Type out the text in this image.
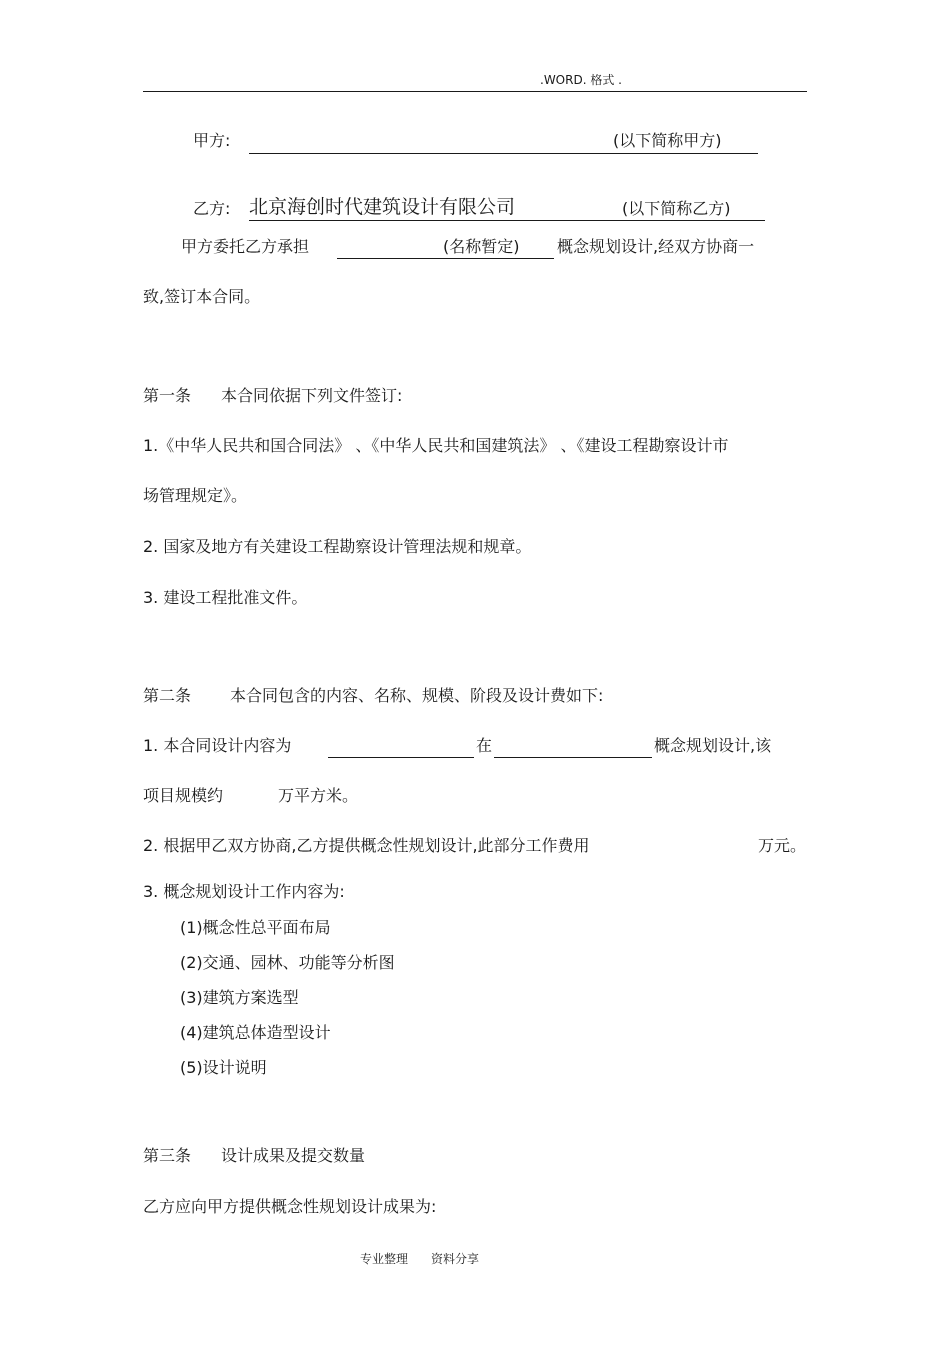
.WORD. 格式 .
甲方:	(以下简称甲方)
乙方: 北京海创时代建筑设计有限公司	(以下简称乙方)
甲方委托乙方承担	(名称暂定) 概念规划设计,经双方协商一
致,签订本合同。
第一条 本合同依据下列文件签订:
1.《中华人民共和国合同法》 、《中华人民共和国建筑法》 、《建设工程勘察设计市
场管理规定》。
2. 国家及地方有关建设工程勘察设计管理法规和规章。
3. 建设工程批准文件。
第二条 本合同包含的内容、名称、规模、阶段及设计费如下:
1. 本合同设计内容为	在	概念规划设计,该
项目规模约	万平方米。
2. 根据甲乙双方协商,乙方提供概念性规划设计,此部分工作费用	万元。
3. 概念规划设计工作内容为:
(1)概念性总平面布局
(2)交通、园林、功能等分析图
(3)建筑方案选型
(4)建筑总体造型设计
(5)设计说明
第三条 设计成果及提交数量
乙方应向甲方提供概念性规划设计成果为:
专业整理 资料分享
